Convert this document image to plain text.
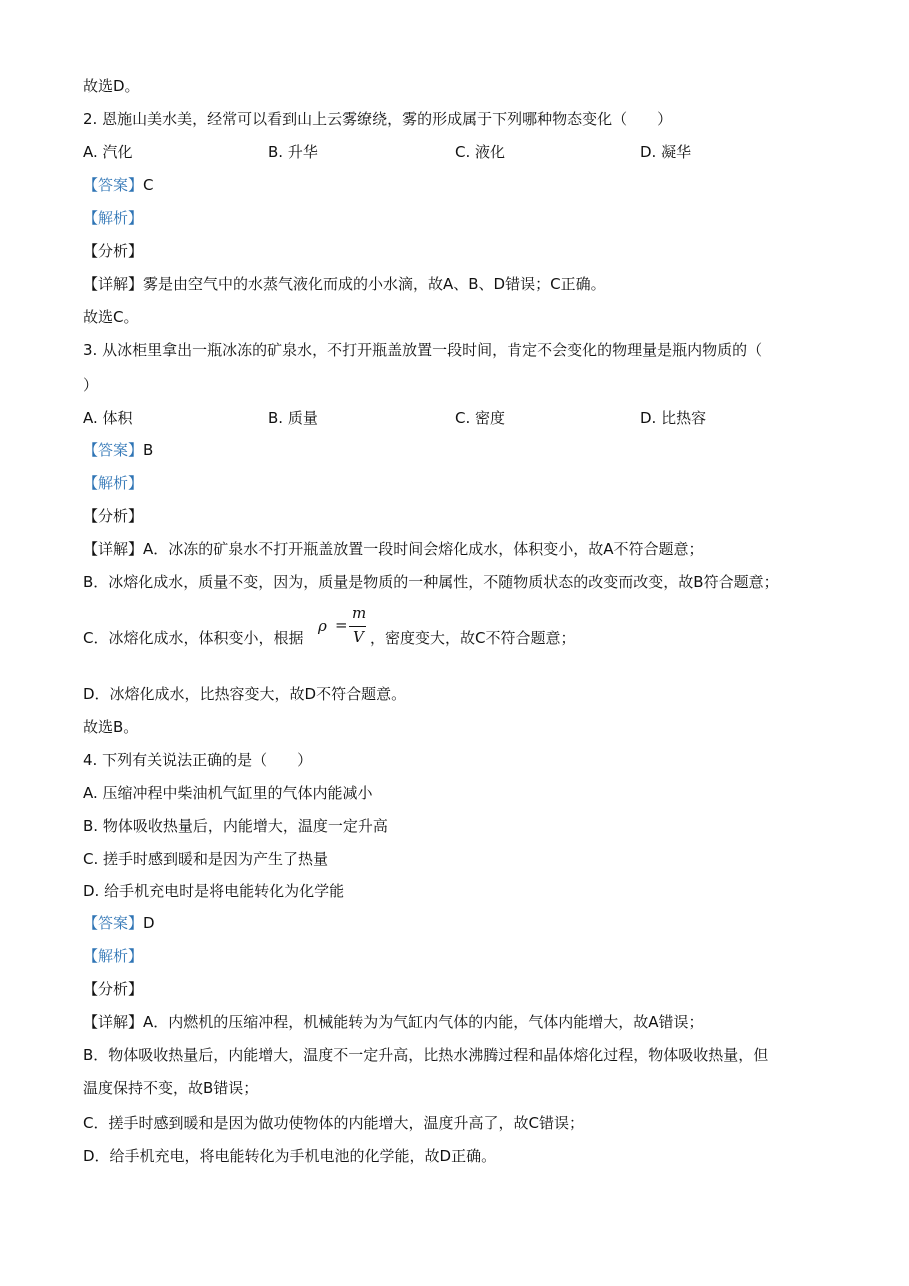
故选D。
2. 恩施山美水美，经常可以看到山上云雾缭绕，雾的形成属于下列哪种物态变化（　　）
A. 汽化	B. 升华	C. 液化	D. 凝华
【答案】C
【解析】
【分析】
【详解】雾是由空气中的水蒸气液化而成的小水滴，故A、B、D错误；C正确。
故选C。
3. 从冰柜里拿出一瓶冰冻的矿泉水，不打开瓶盖放置一段时间，肯定不会变化的物理量是瓶内物质的（
）
A. 体积	B. 质量	C. 密度	D. 比热容
【答案】B
【解析】
【分析】
【详解】A．冰冻的矿泉水不打开瓶盖放置一段时间会熔化成水，体积变小，故A不符合题意；
B．冰熔化成水，质量不变，因为，质量是物质的一种属性，不随物质状态的改变而改变，故B符合题意；
C．冰熔化成水，体积变小，根据
ρ =
m
V ，密度变大，故C不符合题意；
D．冰熔化成水，比热容变大，故D不符合题意。
故选B。
4. 下列有关说法正确的是（　　）
A. 压缩冲程中柴油机气缸里的气体内能减小
B. 物体吸收热量后，内能增大，温度一定升高
C. 搓手时感到暖和是因为产生了热量
D. 给手机充电时是将电能转化为化学能
【答案】D
【解析】
【分析】
【详解】A．内燃机的压缩冲程，机械能转为为气缸内气体的内能，气体内能增大，故A错误；
B．物体吸收热量后，内能增大，温度不一定升高，比热水沸腾过程和晶体熔化过程，物体吸收热量，但
温度保持不变，故B错误；
C．搓手时感到暖和是因为做功使物体的内能增大，温度升高了，故C错误；
D．给手机充电，将电能转化为手机电池的化学能，故D正确。
